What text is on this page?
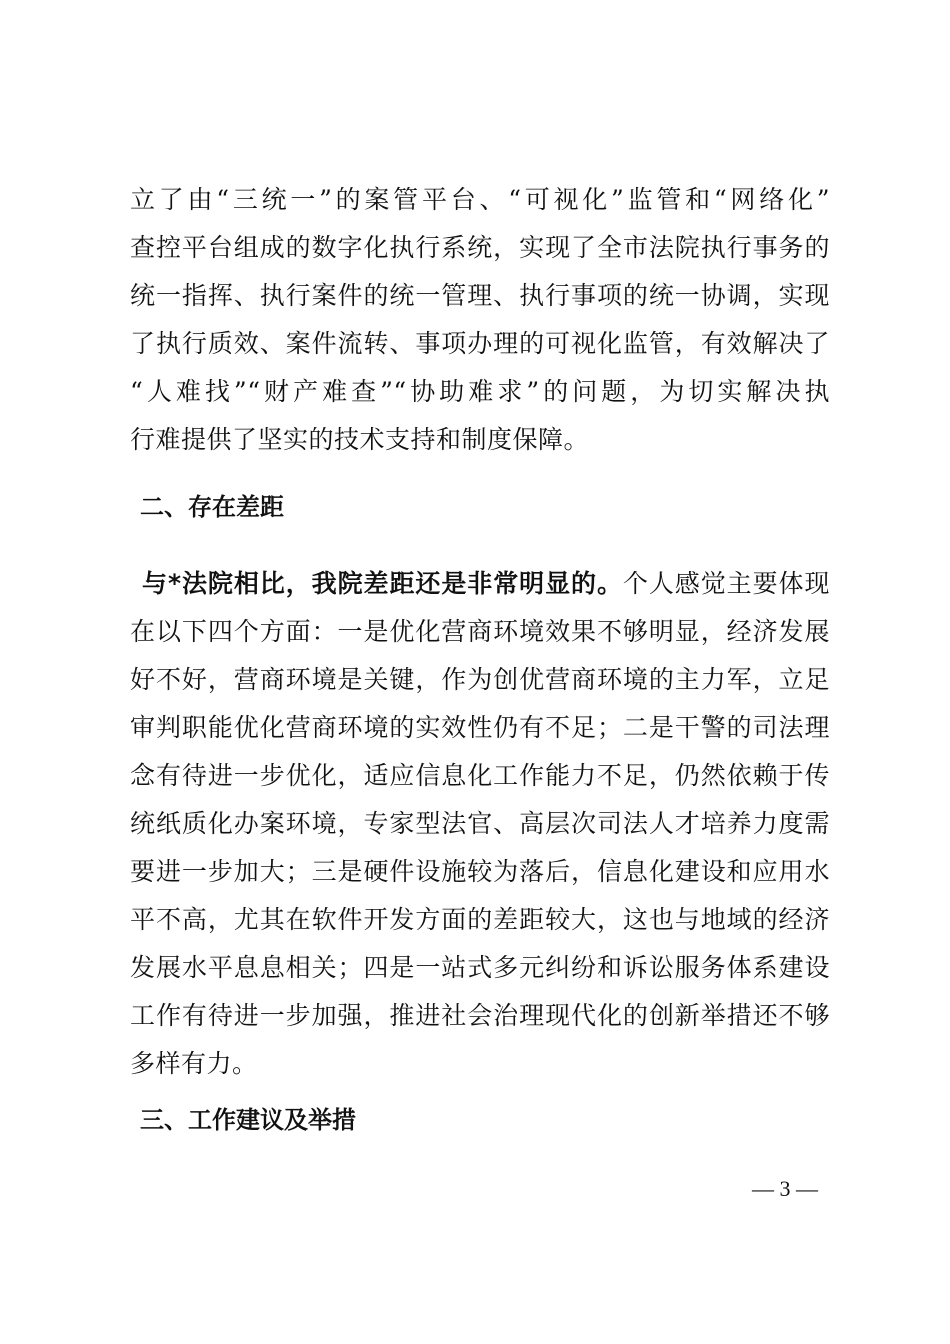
立了由“三统一”的案管平台、“可视化”监管和“网络化”
查控平台组成的数字化执行系统，实现了全市法院执行事务的
统一指挥、执行案件的统一管理、执行事项的统一协调，实现
了执行质效、案件流转、事项办理的可视化监管，有效解决了
“人难找”“财产难查”“协助难求”的问题，为切实解决执
行难提供了坚实的技术支持和制度保障。
二、存在差距
与*法院相比，我院差距还是非常明显的。个人感觉主要体现
在以下四个方面：一是优化营商环境效果不够明显，经济发展
好不好，营商环境是关键，作为创优营商环境的主力军，立足
审判职能优化营商环境的实效性仍有不足；二是干警的司法理
念有待进一步优化，适应信息化工作能力不足，仍然依赖于传
统纸质化办案环境，专家型法官、高层次司法人才培养力度需
要进一步加大；三是硬件设施较为落后，信息化建设和应用水
平不高，尤其在软件开发方面的差距较大，这也与地域的经济
发展水平息息相关；四是一站式多元纠纷和诉讼服务体系建设
工作有待进一步加强，推进社会治理现代化的创新举措还不够
多样有力。
三、工作建议及举措
— 3 —
